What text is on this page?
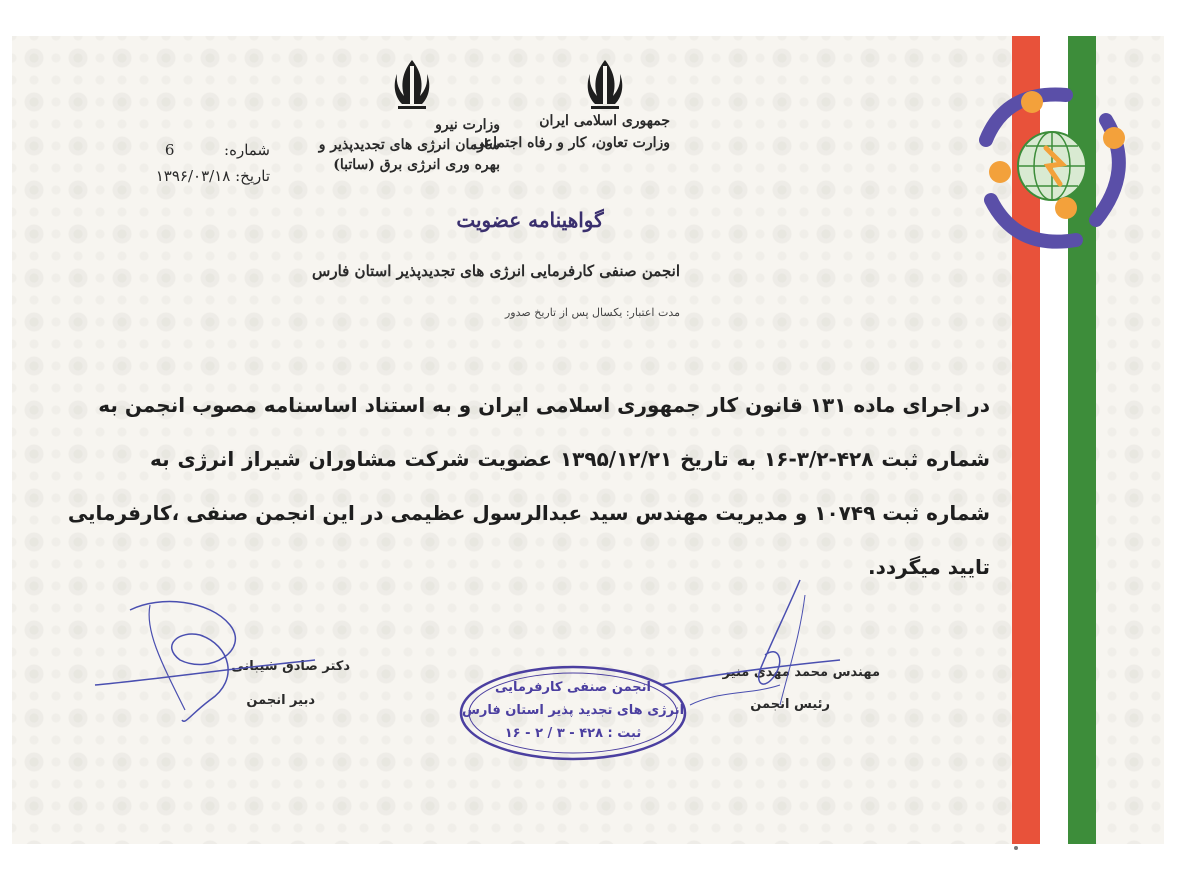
جمهوری اسلامی ایران
وزارت تعاون، کار و رفاه اجتماعی
وزارت نیرو
سازمان انرژی های تجدیدپذیر و
بهره وری انرژی برق (ساتبا)
شماره:  6
تاریخ: ۱۳۹۶/۰۳/۱۸
گواهینامه عضویت
انجمن صنفی کارفرمایی انرژی های تجدیدپذیر استان فارس
مدت اعتبار: یکسال پس از تاریخ صدور
در اجرای ماده ۱۳۱ قانون کار جمهوری اسلامی ایران و به استناد اساسنامه مصوب انجمن به
شماره ثبت ۴۲۸-۳/۲-۱۶ به تاریخ ۱۳۹۵/۱۲/۲۱ عضویت شرکت مشاوران شیراز انرژی به
شماره ثبت ۱۰۷۴۹ و مدیریت مهندس سید عبدالرسول عظیمی در این انجمن صنفی ،کارفرمایی
تایید میگردد.
دکتر صادق شیبانی
دبیر انجمن
مهندس محمد مهدی منیر
رئیس انجمن
انجمن صنفی کارفرمایی
انرژی های تجدید پذیر استان فارس
ثبت : ۴۲۸ - ۳ / ۲ - ۱۶
